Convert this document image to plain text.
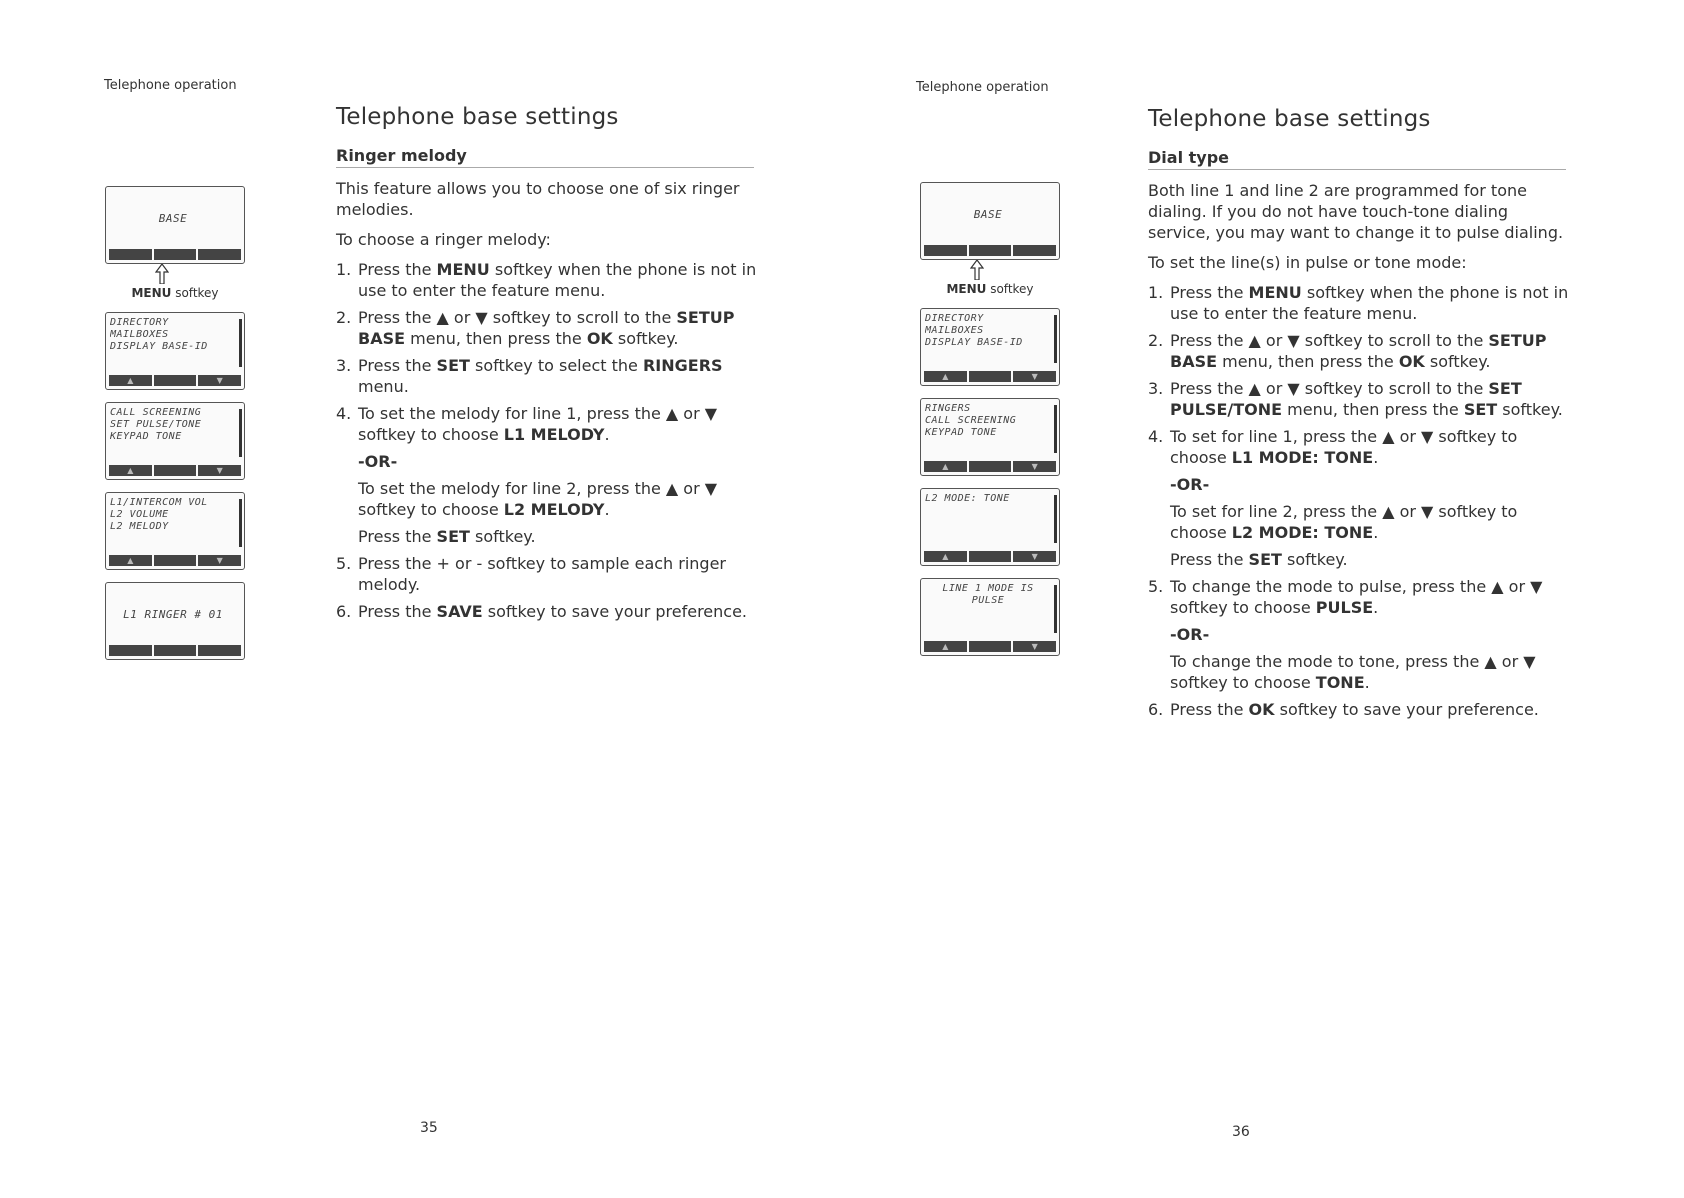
Telephone operation
Telephone base settings
Ringer melody
BASE
MENU softkey
DIRECTORY
MAILBOXES
DISPLAY BASE-ID
▲	▼
CALL SCREENING
SET PULSE/TONE
KEYPAD TONE
▲	▼
L1/INTERCOM VOL
L2 VOLUME
L2 MELODY
▲	▼
L1 RINGER # 01

This feature allows you to choose one of six ringer melodies.

To choose a ringer melody:

1. Press the MENU softkey when the phone is not in use to enter the feature menu.
2. Press the ▲ or ▼ softkey to scroll to the SETUP BASE menu, then press the OK softkey.
3. Press the SET softkey to select the RINGERS menu.
4. To set the melody for line 1, press the ▲ or ▼ softkey to choose L1 MELODY.
-OR-
To set the melody for line 2, press the ▲ or ▼ softkey to choose L2 MELODY.
Press the SET softkey.
5. Press the + or - softkey to sample each ringer melody.
6. Press the SAVE softkey to save your preference.
35
Telephone operation
Telephone base settings
Dial type
BASE
MENU softkey
DIRECTORY
MAILBOXES
DISPLAY BASE-ID
▲	▼
RINGERS
CALL SCREENING
KEYPAD TONE
▲	▼
L2 MODE: TONE
▲	▼
LINE 1 MODE IS
PULSE
▲	▼

Both line 1 and line 2 are programmed for tone dialing. If you do not have touch-tone dialing service, you may want to change it to pulse dialing.

To set the line(s) in pulse or tone mode:

1. Press the MENU softkey when the phone is not in use to enter the feature menu.
2. Press the ▲ or ▼ softkey to scroll to the SETUP BASE menu, then press the OK softkey.
3. Press the ▲ or ▼ softkey to scroll to the SET PULSE/TONE menu, then press the SET softkey.
4. To set for line 1, press the ▲ or ▼ softkey to choose L1 MODE: TONE.
-OR-
To set for line 2, press the ▲ or ▼ softkey to choose L2 MODE: TONE.
Press the SET softkey.
5. To change the mode to pulse, press the ▲ or ▼ softkey to choose PULSE.
-OR-
To change the mode to tone, press the ▲ or ▼ softkey to choose TONE.
6. Press the OK softkey to save your preference.
36
